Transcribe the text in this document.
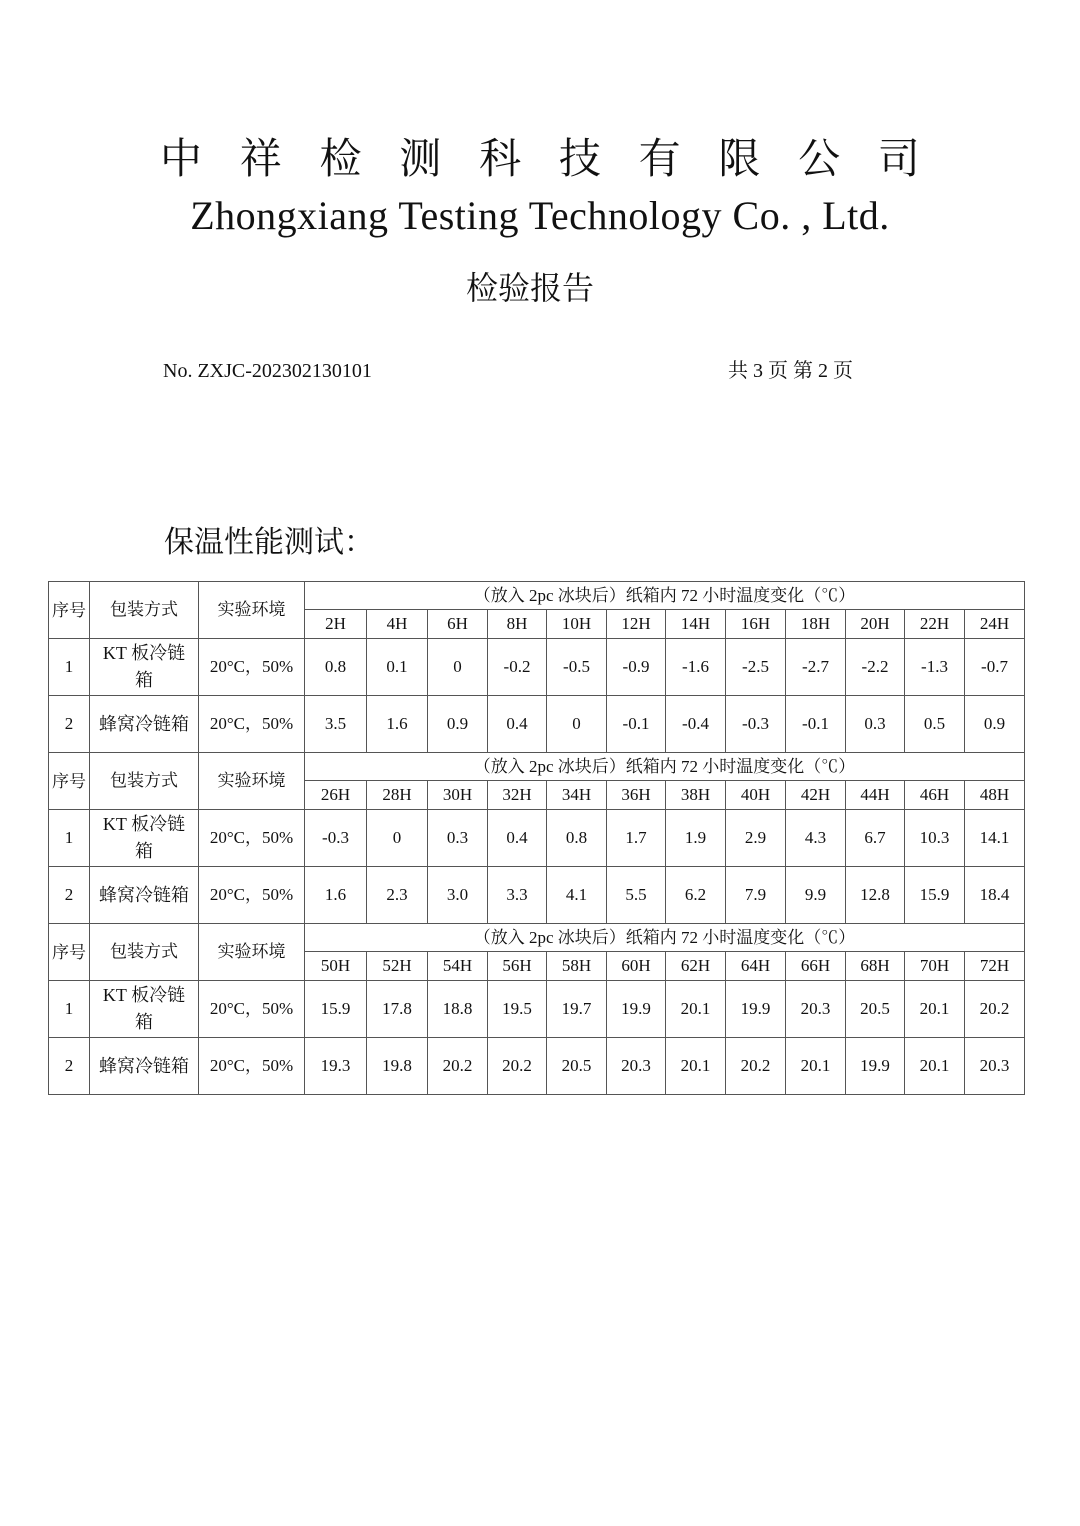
中 祥 检 测 科 技 有 限 公 司
Zhongxiang Testing Technology Co. , Ltd.
检验报告
No. ZXJC-202302130101	共 3 页 第 2 页
保温性能测试：
序号	包装方式	实验环境	（放入 2pc 冰块后）纸箱内 72 小时温度变化（℃）											
			2H	4H	6H	8H	10H	12H	14H	16H	18H	20H	22H	24H
1	KT 板冷链箱	20°C，50%	0.8	0.1	0	-0.2	-0.5	-0.9	-1.6	-2.5	-2.7	-2.2	-1.3	-0.7
2	蜂窝冷链箱	20°C，50%	3.5	1.6	0.9	0.4	0	-0.1	-0.4	-0.3	-0.1	0.3	0.5	0.9
序号	包装方式	实验环境	（放入 2pc 冰块后）纸箱内 72 小时温度变化（℃）											
			26H	28H	30H	32H	34H	36H	38H	40H	42H	44H	46H	48H
1	KT 板冷链箱	20°C，50%	-0.3	0	0.3	0.4	0.8	1.7	1.9	2.9	4.3	6.7	10.3	14.1
2	蜂窝冷链箱	20°C，50%	1.6	2.3	3.0	3.3	4.1	5.5	6.2	7.9	9.9	12.8	15.9	18.4
序号	包装方式	实验环境	（放入 2pc 冰块后）纸箱内 72 小时温度变化（℃）											
			50H	52H	54H	56H	58H	60H	62H	64H	66H	68H	70H	72H
1	KT 板冷链箱	20°C，50%	15.9	17.8	18.8	19.5	19.7	19.9	20.1	19.9	20.3	20.5	20.1	20.2
2	蜂窝冷链箱	20°C，50%	19.3	19.8	20.2	20.2	20.5	20.3	20.1	20.2	20.1	19.9	20.1	20.3
